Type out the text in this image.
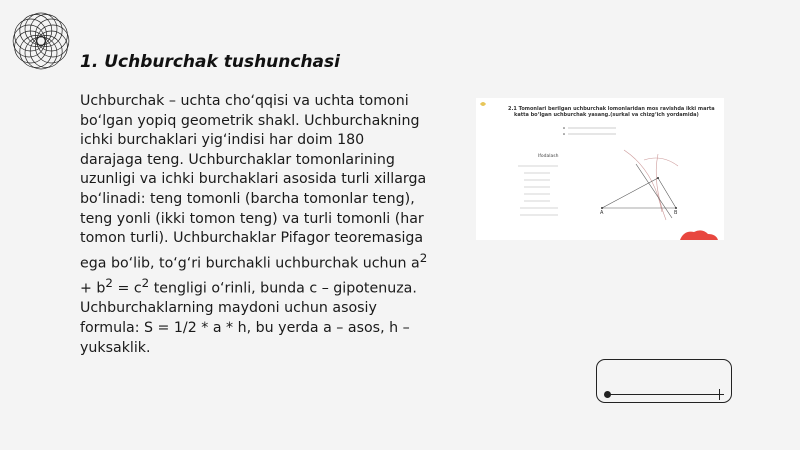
1. Uchburchak tushunchasi

Uchburchak – uchta cho‘qqisi va uchta tomoni bo‘lgan yopiq geometrik shakl. Uchburchakning ichki burchaklari yig‘indisi har doim 180 darajaga teng. Uchburchaklar tomonlarining uzunligi va ichki burchaklari asosida turli xillarga bo‘linadi: teng tomonli (barcha tomonlar teng), teng yonli (ikki tomon teng) va turli tomonli (har tomon turli). Uchburchaklar Pifagor teoremasiga ega bo‘lib, to‘g‘ri burchakli uchburchak uchun $a^2 + b^2 = c^2$ tengligi o‘rinli, bunda c – gipotenuza. Uchburchaklarning maydoni uchun asosiy formula: S = 1/2 * a * h, bu yerda a – asos, h – yuksaklik.

A	B
2.1 Tomonlari berilgan uchburchak lomonlaridan mos ravishda ikki marta
katta bo‘lgan uchburchak yasang.(surkal va chizg‘ich yordamida)
Ifodalash
